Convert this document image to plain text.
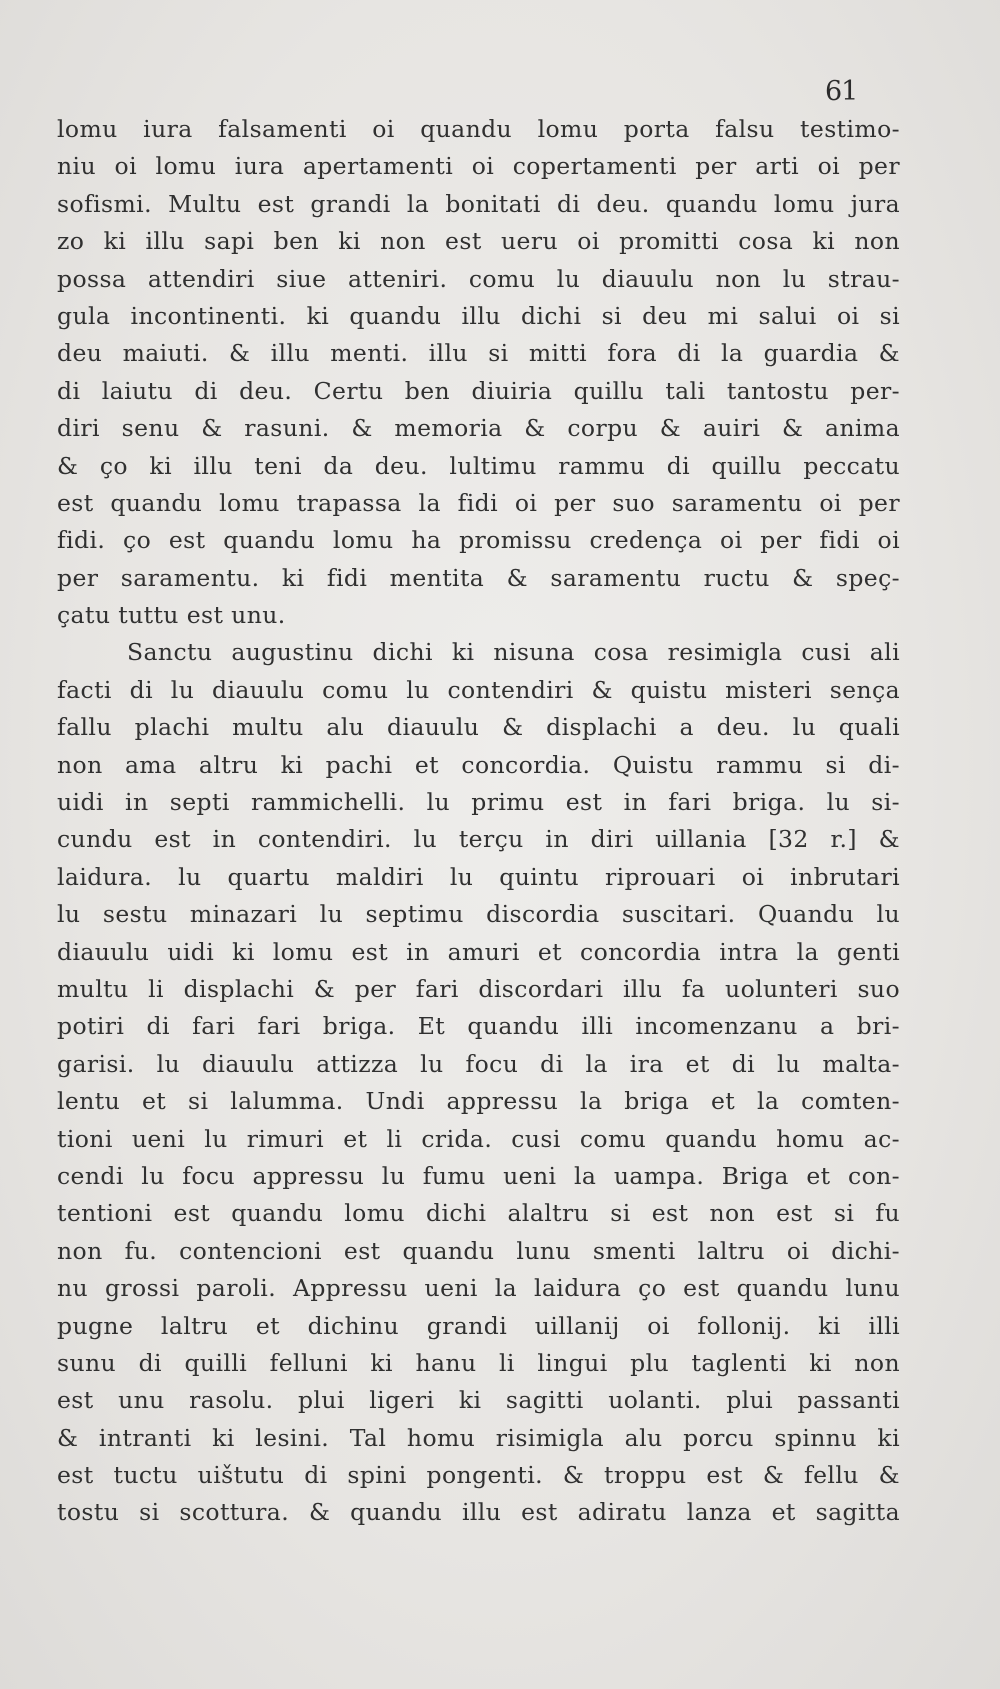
61
lomu iura falsamenti oi quandu lomu porta falsu testimo-
niu oi lomu iura apertamenti oi copertamenti per arti oi per
sofismi. Multu est grandi la bonitati di deu. quandu lomu jura
zo ki illu sapi ben ki non est ueru oi promitti cosa ki non
possa attendiri siue atteniri. comu lu diauulu non lu strau-
gula incontinenti. ki quandu illu dichi si deu mi salui oi si
deu maiuti. & illu menti. illu si mitti fora di la guardia &
di laiutu di deu. Certu ben diuiria quillu tali tantostu per-
diri senu & rasuni. & memoria & corpu & auiri & anima
& ço ki illu teni da deu. lultimu rammu di quillu peccatu
est quandu lomu trapassa la fidi oi per suo saramentu oi per
fidi. ço est quandu lomu ha promissu credença oi per fidi oi
per saramentu. ki fidi mentita & saramentu ructu & speç-
çatu tuttu est unu.
Sanctu augustinu dichi ki nisuna cosa resimigla cusi ali
facti di lu diauulu comu lu contendiri & quistu misteri sença
fallu plachi multu alu diauulu & displachi a deu. lu quali
non ama altru ki pachi et concordia. Quistu rammu si di-
uidi in septi rammichelli. lu primu est in fari briga. lu si-
cundu est in contendiri. lu terçu in diri uillania [32 r.] &
laidura. lu quartu maldiri lu quintu riprouari oi inbrutari
lu sestu minazari lu septimu discordia suscitari. Quandu lu
diauulu uidi ki lomu est in amuri et concordia intra la genti
multu li displachi & per fari discordari illu fa uolunteri suo
potiri di fari fari briga. Et quandu illi incomenzanu a bri-
garisi. lu diauulu attizza lu focu di la ira et di lu malta-
lentu et si lalumma. Undi appressu la briga et la comten-
tioni ueni lu rimuri et li crida. cusi comu quandu homu ac-
cendi lu focu appressu lu fumu ueni la uampa. Briga et con-
tentioni est quandu lomu dichi alaltru si est non est si fu
non fu. contencioni est quandu lunu smenti laltru oi dichi-
nu grossi paroli. Appressu ueni la laidura ço est quandu lunu
pugne laltru et dichinu grandi uillanij oi follonij. ki illi
sunu di quilli felluni ki hanu li lingui plu taglenti ki non
est unu rasolu. plui ligeri ki sagitti uolanti. plui passanti
& intranti ki lesini. Tal homu risimigla alu porcu spinnu ki
est tuctu uištutu di spini pongenti. & troppu est & fellu &
tostu si scottura. & quandu illu est adiratu lanza et sagitta
